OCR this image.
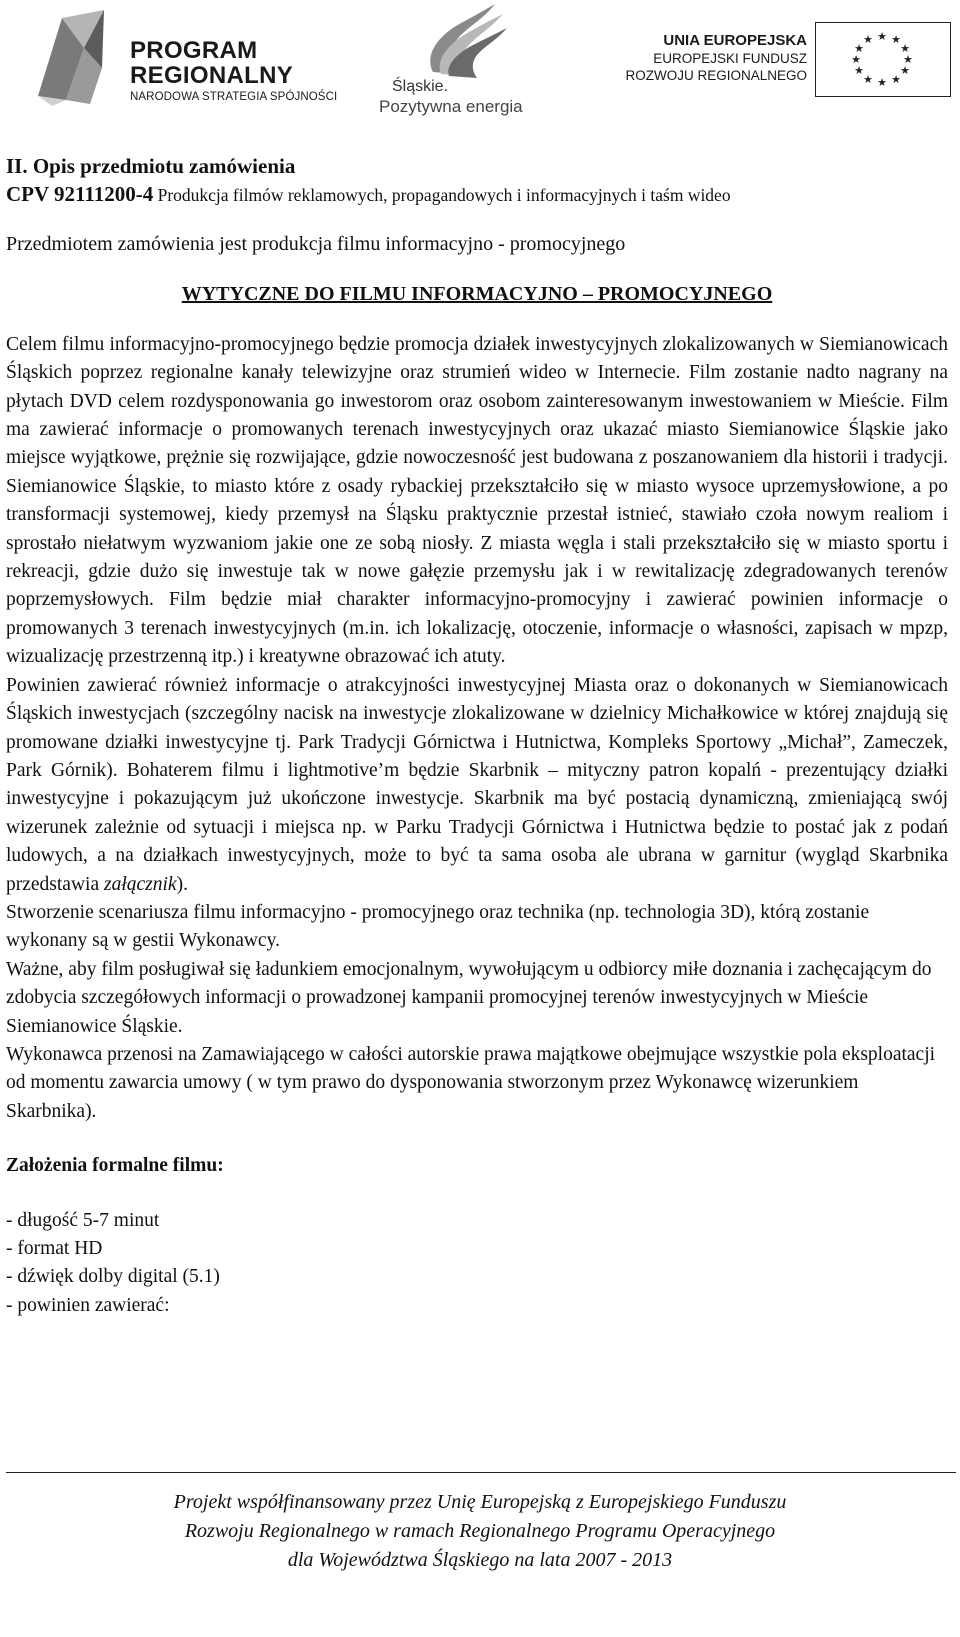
PROGRAM
REGIONALNY
NARODOWA STRATEGIA SPÓJNOŚCI
Śląskie.
Pozytywna energia
UNIA EUROPEJSKA
EUROPEJSKI FUNDUSZ
ROZWOJU REGIONALNEGO
★ ★
★
★
★
★
★
★
★
★
★
★

II. Opis przedmiotu zamówienia

CPV 92111200-4 Produkcja filmów reklamowych, propagandowych i informacyjnych i taśm wideo

Przedmiotem zamówienia jest produkcja filmu informacyjno - promocyjnego

WYTYCZNE DO FILMU INFORMACYJNO – PROMOCYJNEGO

Celem filmu informacyjno-promocyjnego będzie promocja działek inwestycyjnych zlokalizowanych w Siemianowicach Śląskich poprzez regionalne kanały telewizyjne oraz strumień wideo w Internecie. Film zostanie nadto nagrany na płytach DVD celem rozdysponowania go inwestorom oraz osobom zainteresowanym inwestowaniem w Mieście. Film ma zawierać informacje o promowanych terenach inwestycyjnych oraz ukazać miasto Siemianowice Śląskie jako miejsce wyjątkowe, prężnie się rozwijające, gdzie nowoczesność jest budowana z poszanowaniem dla historii i tradycji. Siemianowice Śląskie, to miasto które z osady rybackiej przekształciło się w miasto wysoce uprzemysłowione, a po transformacji systemowej, kiedy przemysł na Śląsku praktycznie przestał istnieć, stawiało czoła nowym realiom i sprostało niełatwym wyzwaniom jakie one ze sobą niosły. Z miasta węgla i stali przekształciło się w miasto sportu i rekreacji, gdzie dużo się inwestuje tak w nowe gałęzie przemysłu jak i w rewitalizację zdegradowanych terenów poprzemysłowych. Film będzie miał charakter informacyjno-promocyjny i zawierać powinien informacje o promowanych 3 terenach inwestycyjnych (m.in. ich lokalizację, otoczenie, informacje o własności, zapisach w mpzp, wizualizację przestrzenną itp.) i kreatywne obrazować ich atuty.

Powinien zawierać również informacje o atrakcyjności inwestycyjnej Miasta oraz o dokonanych w Siemianowicach Śląskich inwestycjach (szczególny nacisk na inwestycje zlokalizowane w dzielnicy Michałkowice w której znajdują się promowane działki inwestycyjne tj. Park Tradycji Górnictwa i Hutnictwa, Kompleks Sportowy „Michał”, Zameczek, Park Górnik). Bohaterem filmu i lightmotive’m będzie Skarbnik – mityczny patron kopalń - prezentujący działki inwestycyjne i pokazującym już ukończone inwestycje. Skarbnik ma być postacią dynamiczną, zmieniającą swój wizerunek zależnie od sytuacji i miejsca np. w Parku Tradycji Górnictwa i Hutnictwa będzie to postać jak z podań ludowych, a na działkach inwestycyjnych, może to być ta sama osoba ale ubrana w garnitur (wygląd Skarbnika przedstawia załącznik).

Stworzenie scenariusza filmu informacyjno - promocyjnego oraz technika (np. technologia 3D), którą zostanie wykonany są w gestii Wykonawcy.

Ważne, aby film posługiwał się ładunkiem emocjonalnym, wywołującym u odbiorcy miłe doznania i zachęcającym do zdobycia szczegółowych informacji o prowadzonej kampanii promocyjnej terenów inwestycyjnych w Mieście Siemianowice Śląskie.

Wykonawca przenosi na Zamawiającego w całości autorskie prawa majątkowe obejmujące wszystkie pola eksploatacji od momentu zawarcia umowy ( w tym prawo do dysponowania stworzonym przez Wykonawcę wizerunkiem Skarbnika).

Założenia formalne filmu:

- długość 5-7 minut
- format HD
- dźwięk dolby digital (5.1)
- powinien zawierać:
Projekt współfinansowany przez Unię Europejską z Europejskiego Funduszu
Rozwoju Regionalnego w ramach Regionalnego Programu Operacyjnego
dla Województwa Śląskiego na lata 2007 - 2013
